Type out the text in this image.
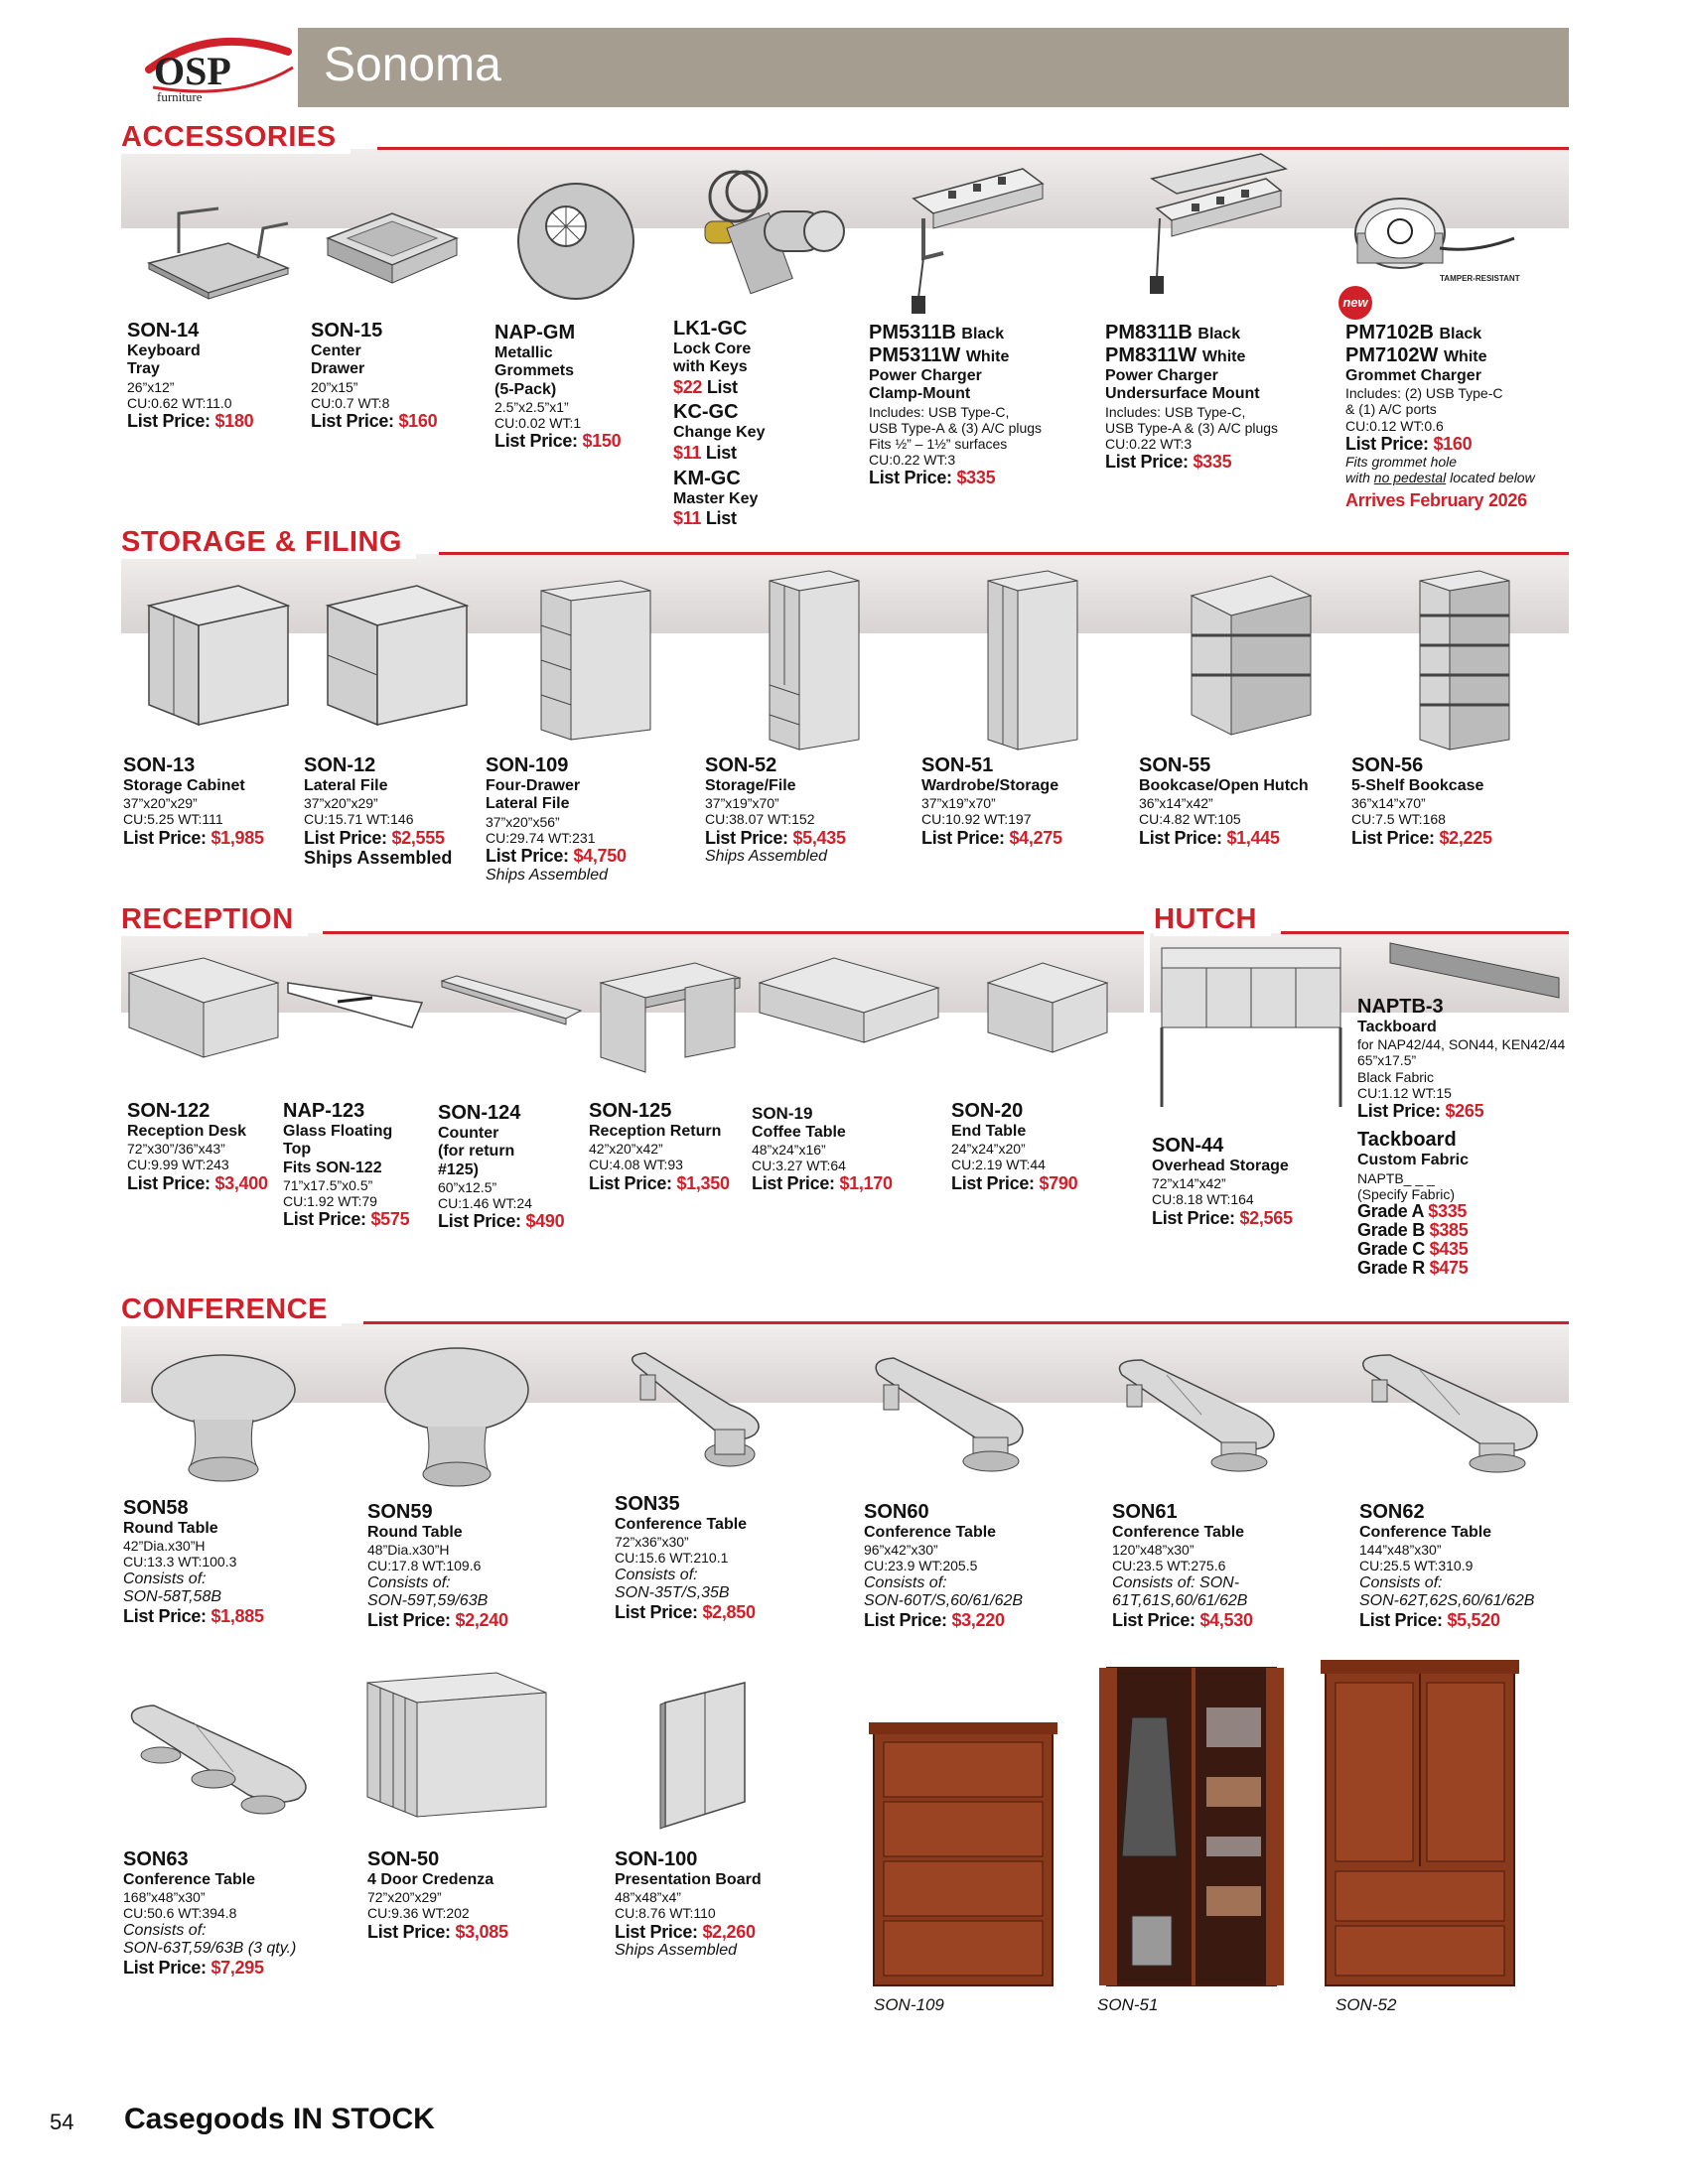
OSP
furniture
Sonoma
ACCESSORIES
TAMPER-RESISTANT
new
SON-14
Keyboard
Tray
26”x12”
CU:0.62 WT:11.0
List Price: $180
SON-15
Center
Drawer
20”x15”
CU:0.7 WT:8
List Price: $160
NAP-GM
Metallic
Grommets
(5-Pack)
2.5”x2.5”x1”
CU:0.02 WT:1
List Price: $150
LK1-GC
Lock Core
with Keys
$22 List
KC-GC
Change Key
$11 List
KM-GC
Master Key
$11 List
PM5311B Black
PM5311W White
Power Charger
Clamp-Mount
Includes: USB Type-C,
USB Type-A & (3) A/C plugs
Fits ½” – 1½” surfaces
CU:0.22 WT:3
List Price: $335
PM8311B Black
PM8311W White
Power Charger
Undersurface Mount
Includes: USB Type-C,
USB Type-A & (3) A/C plugs
CU:0.22 WT:3
List Price: $335
PM7102B Black
PM7102W White
Grommet Charger
Includes: (2) USB Type-C
& (1) A/C ports
CU:0.12 WT:0.6
List Price: $160
Fits grommet hole
with no pedestal located below
Arrives February 2026
STORAGE & FILING
SON-13
Storage Cabinet
37”x20”x29”
CU:5.25 WT:111
List Price: $1,985
SON-12
Lateral File
37”x20”x29”
CU:15.71 WT:146
List Price: $2,555
Ships Assembled
SON-109
Four-Drawer
Lateral File
37”x20”x56”
CU:29.74 WT:231
List Price: $4,750
Ships Assembled
SON-52
Storage/File
37”x19”x70”
CU:38.07 WT:152
List Price: $5,435
Ships Assembled
SON-51
Wardrobe/Storage
37”x19”x70”
CU:10.92 WT:197
List Price: $4,275
SON-55
Bookcase/Open Hutch
36”x14”x42”
CU:4.82 WT:105
List Price: $1,445
SON-56
5-Shelf Bookcase
36”x14”x70”
CU:7.5 WT:168
List Price: $2,225
RECEPTION	HUTCH
SON-122
Reception Desk
72”x30”/36”x43”
CU:9.99 WT:243
List Price: $3,400
NAP-123
Glass Floating
Top
Fits SON-122
71”x17.5”x0.5”
CU:1.92 WT:79
List Price: $575
SON-124
Counter
(for return
#125)
60”x12.5”
CU:1.46 WT:24
List Price: $490
SON-125
Reception Return
42”x20”x42”
CU:4.08 WT:93
List Price: $1,350
SON-19
Coffee Table
48”x24”x16”
CU:3.27 WT:64
List Price: $1,170
SON-20
End Table
24”x24”x20”
CU:2.19 WT:44
List Price: $790
SON-44
Overhead Storage
72”x14”x42”
CU:8.18 WT:164
List Price: $2,565
NAPTB-3
Tackboard
for NAP42/44, SON44, KEN42/44
65”x17.5”
Black Fabric
CU:1.12 WT:15
List Price: $265
Tackboard
Custom Fabric
NAPTB_ _ _
(Specify Fabric)
Grade A $335
Grade B $385
Grade C $435
Grade R $475
CONFERENCE
SON58
Round Table
42”Dia.x30”H
CU:13.3 WT:100.3
Consists of:
SON-58T,58B
List Price: $1,885
SON59
Round Table
48”Dia.x30”H
CU:17.8 WT:109.6
Consists of:
SON-59T,59/63B
List Price: $2,240
SON35
Conference Table
72”x36”x30”
CU:15.6 WT:210.1
Consists of:
SON-35T/S,35B
List Price: $2,850
SON60
Conference Table
96”x42”x30”
CU:23.9 WT:205.5
Consists of:
SON-60T/S,60/61/62B
List Price: $3,220
SON61
Conference Table
120”x48”x30”
CU:23.5 WT:275.6
Consists of: SON-
61T,61S,60/61/62B
List Price: $4,530
SON62
Conference Table
144”x48”x30”
CU:25.5 WT:310.9
Consists of:
SON-62T,62S,60/61/62B
List Price: $5,520
SON-109	SON-51	SON-52
SON63
Conference Table
168”x48”x30”
CU:50.6 WT:394.8
Consists of:
SON-63T,59/63B (3 qty.)
List Price: $7,295
SON-50
4 Door Credenza
72”x20”x29”
CU:9.36 WT:202
List Price: $3,085
SON-100
Presentation Board
48”x48”x4”
CU:8.76 WT:110
List Price: $2,260
Ships Assembled
54 Casegoods IN STOCK
